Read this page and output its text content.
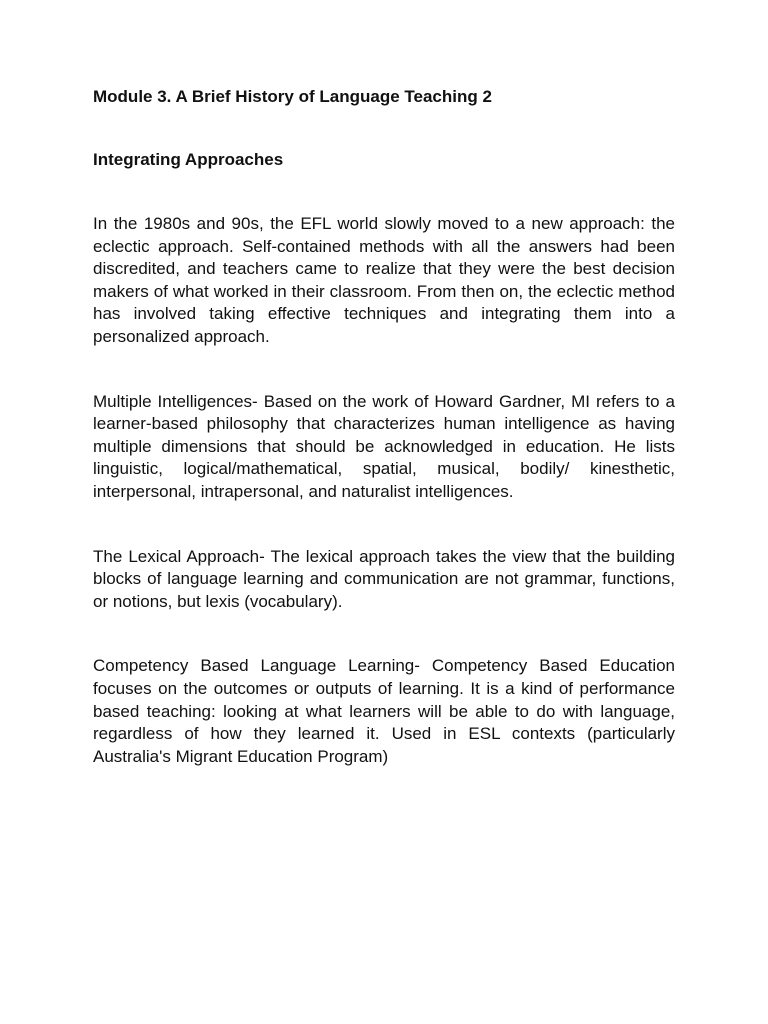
Module 3. A Brief History of Language Teaching 2
Integrating Approaches

In the 1980s and 90s, the EFL world slowly moved to a new approach: the eclectic approach. Self-contained methods with all the answers had been discredited, and teachers came to realize that they were the best decision makers of what worked in their classroom. From then on, the eclectic method has involved taking effective techniques and integrating them into a personalized approach.

Multiple Intelligences- Based on the work of Howard Gardner, MI refers to a learner-based philosophy that characterizes human intelligence as having multiple dimensions that should be acknowledged in education. He lists linguistic, logical/mathematical, spatial, musical, bodily/ kinesthetic, interpersonal, intrapersonal, and naturalist intelligences.

The Lexical Approach- The lexical approach takes the view that the building blocks of language learning and communication are not grammar, functions, or notions, but lexis (vocabulary).

Competency Based Language Learning- Competency Based Education focuses on the outcomes or outputs of learning. It is a kind of performance based teaching: looking at what learners will be able to do with language, regardless of how they learned it. Used in ESL contexts (particularly Australia's Migrant Education Program)
